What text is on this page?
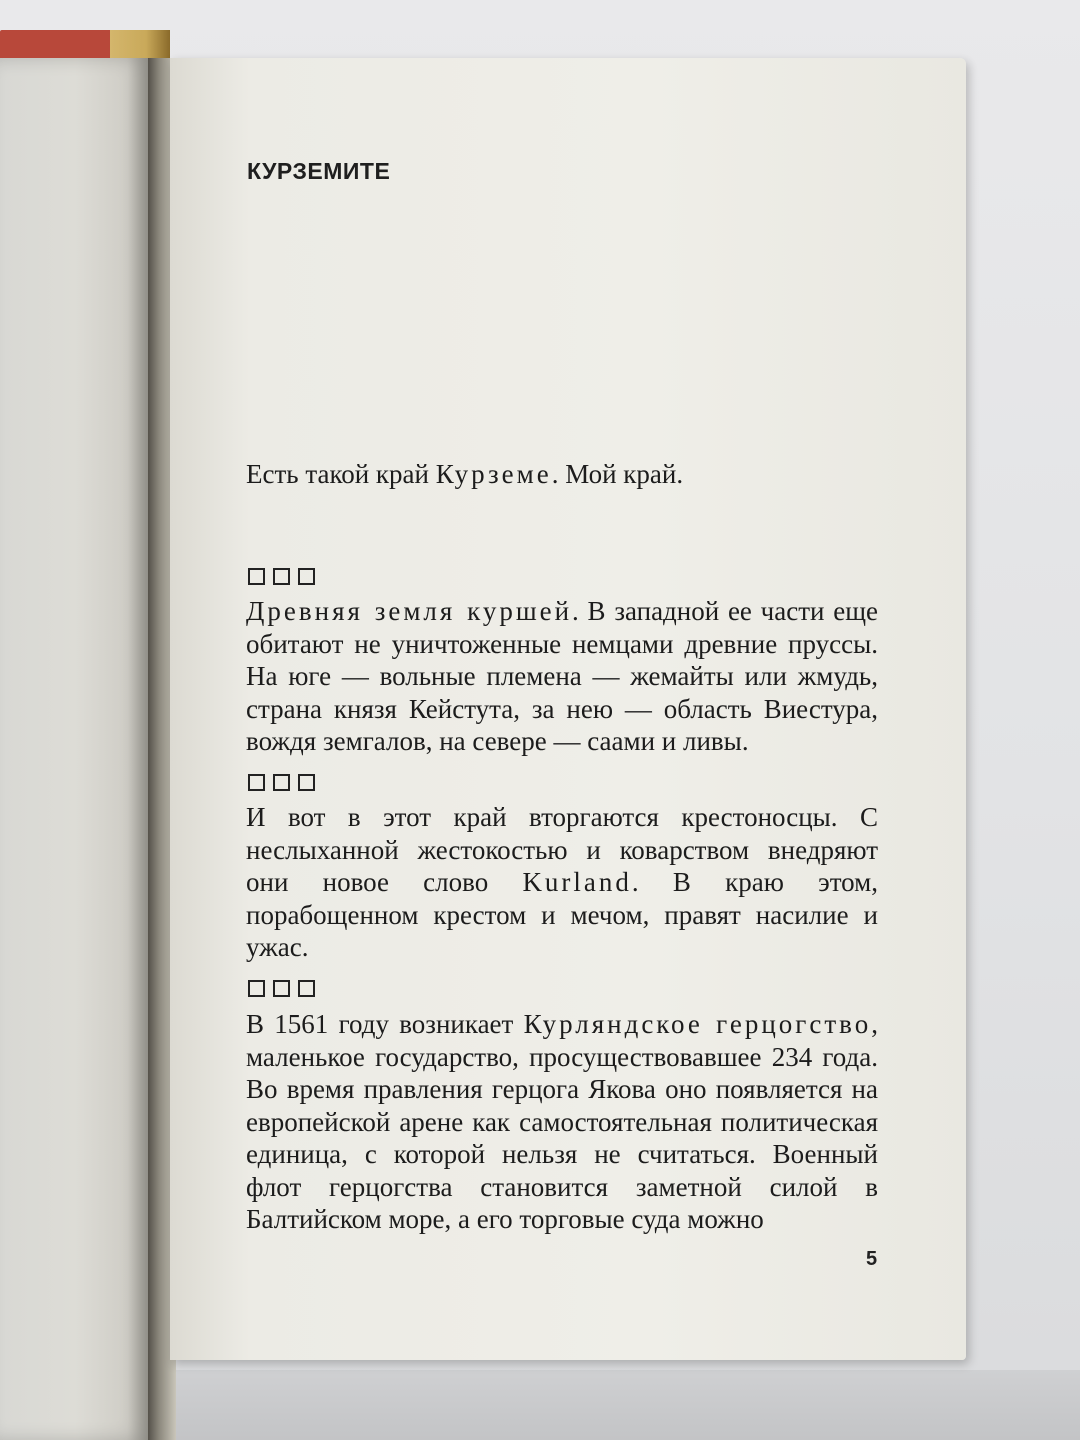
КУРЗЕМИТЕ
Есть такой край Курземе. Мой край.
Древняя земля куршей. В западной ее части еще обитают не уничтоженные немцами древние пруссы. На юге — вольные племена — жемайты или жмудь, страна князя Кейстута, за нею — область Виестура, вождя земгалов, на севере — саами и ливы.
И вот в этот край вторгаются крестоносцы. С неслыханной жестокостью и коварством внедряют они новое слово Kurland. В краю этом, порабощенном крестом и мечом, правят насилие и ужас.
В 1561 году возникает Курляндское герцогство, маленькое государство, просуществовавшее 234 года. Во время правления герцога Якова оно появляется на европейской арене как самостоятельная политическая единица, с которой нельзя не считаться. Военный флот герцогства становится заметной силой в Балтийском море, а его торговые суда можно
5
